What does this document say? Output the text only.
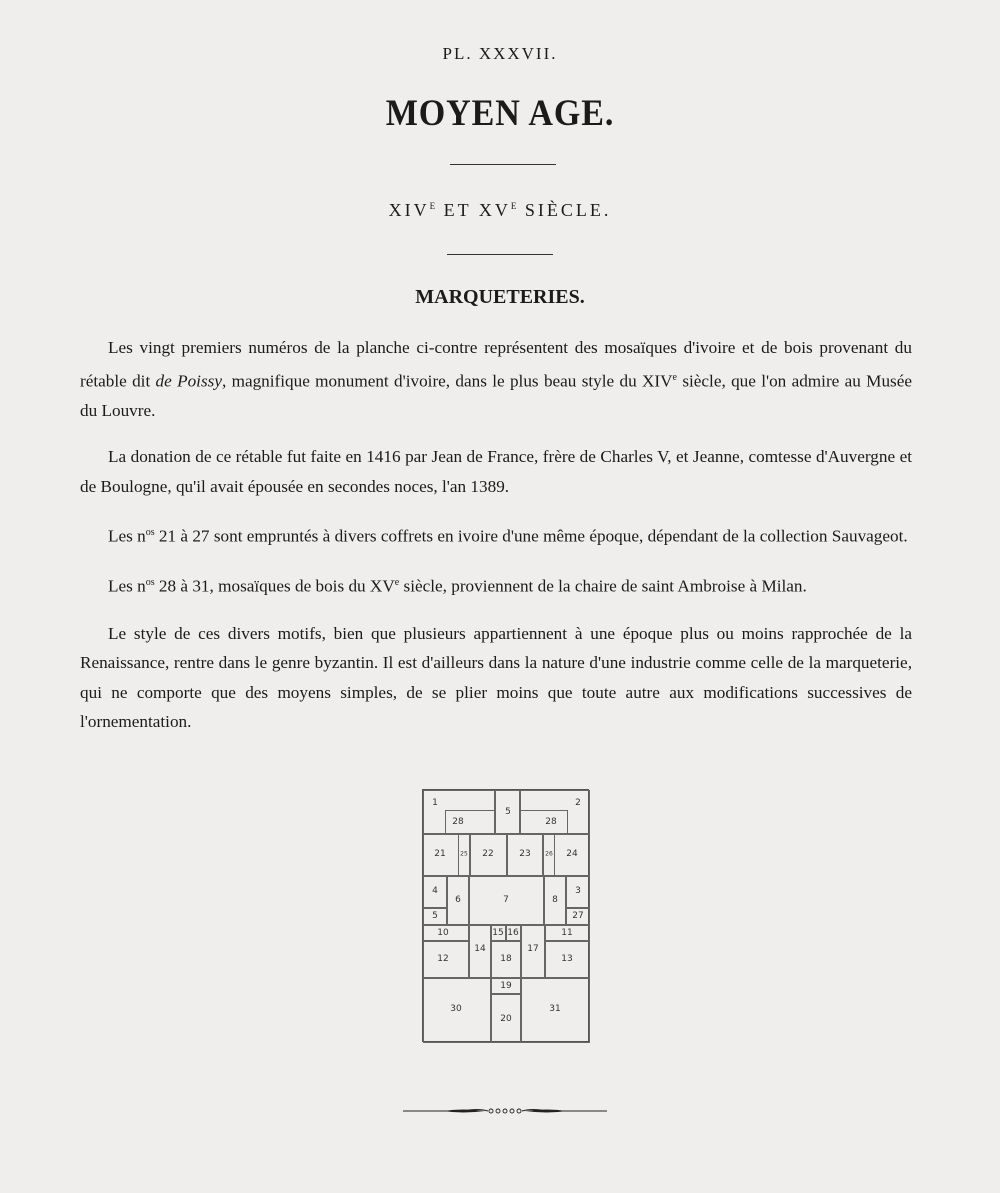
PL. XXXVII.
MOYEN AGE.
$XIV^E$ ET $XV^E$ SIÈCLE.
MARQUETERIES.

Les vingt premiers numéros de la planche ci-contre représentent des mosaïques d'ivoire et de bois provenant du rétable dit de Poissy, magnifique monument d'ivoire, dans le plus beau style du XIVe siècle, que l'on admire au Musée du Louvre.

La donation de ce rétable fut faite en 1416 par Jean de France, frère de Charles V, et Jeanne, comtesse d'Auvergne et de Boulogne, qu'il avait épousée en secondes noces, l'an 1389.

Les $n^{os}$ 21 à 27 sont empruntés à divers coffrets en ivoire d'une même époque, dépendant de la collection Sauvageot.

Les $n^{os}$ 28 à 31, mosaïques de bois du XVe siècle, proviennent de la chaire de saint Ambroise à Milan.

Le style de ces divers motifs, bien que plusieurs appartiennent à une époque plus ou moins rapprochée de la Renaissance, rentre dans le genre byzantin. Il est d'ailleurs dans la nature d'une industrie comme celle de la marqueterie, qui ne comporte que des moyens simples, de se plier moins que toute autre aux modifications successives de l'ornementation.

1
28
5
28
2
21 25 22	23 26 24
4
5
6	7	8
3
27
10
12
14
15 16
18
17
11
13
30
19
20
31
